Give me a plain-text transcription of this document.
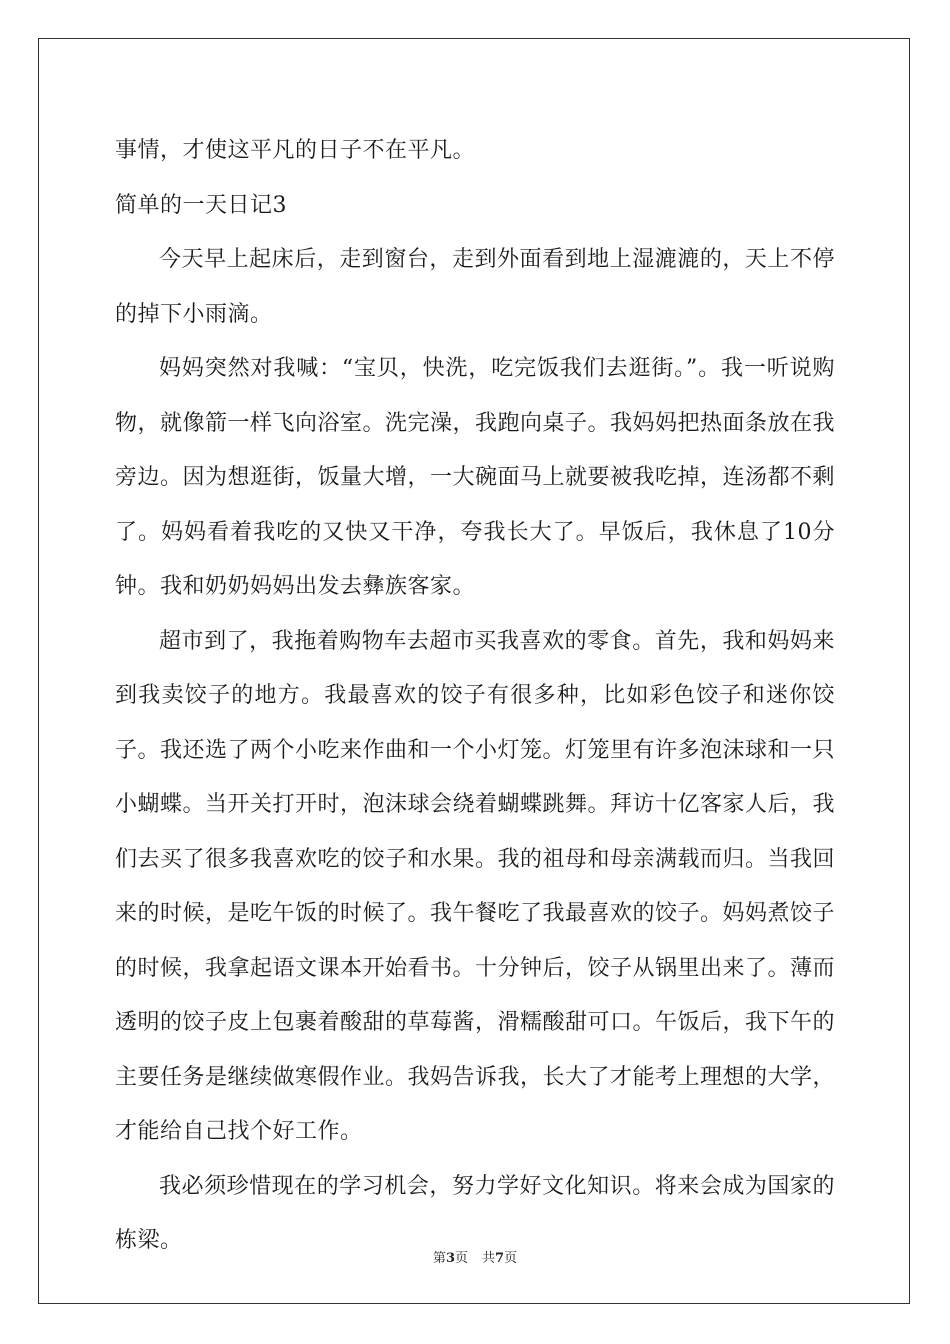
事情，才使这平凡的日子不在平凡。

简单的一天日记3

今天早上起床后，走到窗台，走到外面看到地上湿漉漉的，天上不停的掉下小雨滴。

妈妈突然对我喊：“宝贝，快洗，吃完饭我们去逛街。”。我一听说购物，就像箭一样飞向浴室。洗完澡，我跑向桌子。我妈妈把热面条放在我旁边。因为想逛街，饭量大增，一大碗面马上就要被我吃掉，连汤都不剩了。妈妈看着我吃的又快又干净，夸我长大了。早饭后，我休息了10分钟。我和奶奶妈妈出发去彝族客家。

超市到了，我拖着购物车去超市买我喜欢的零食。首先，我和妈妈来到我卖饺子的地方。我最喜欢的饺子有很多种，比如彩色饺子和迷你饺子。我还选了两个小吃来作曲和一个小灯笼。灯笼里有许多泡沫球和一只小蝴蝶。当开关打开时，泡沫球会绕着蝴蝶跳舞。拜访十亿客家人后，我们去买了很多我喜欢吃的饺子和水果。我的祖母和母亲满载而归。当我回来的时候，是吃午饭的时候了。我午餐吃了我最喜欢的饺子。妈妈煮饺子的时候，我拿起语文课本开始看书。十分钟后，饺子从锅里出来了。薄而透明的饺子皮上包裹着酸甜的草莓酱，滑糯酸甜可口。午饭后，我下午的主要任务是继续做寒假作业。我妈告诉我，长大了才能考上理想的大学，才能给自己找个好工作。

我必须珍惜现在的学习机会，努力学好文化知识。将来会成为国家的栋梁。

第3页 共7页
